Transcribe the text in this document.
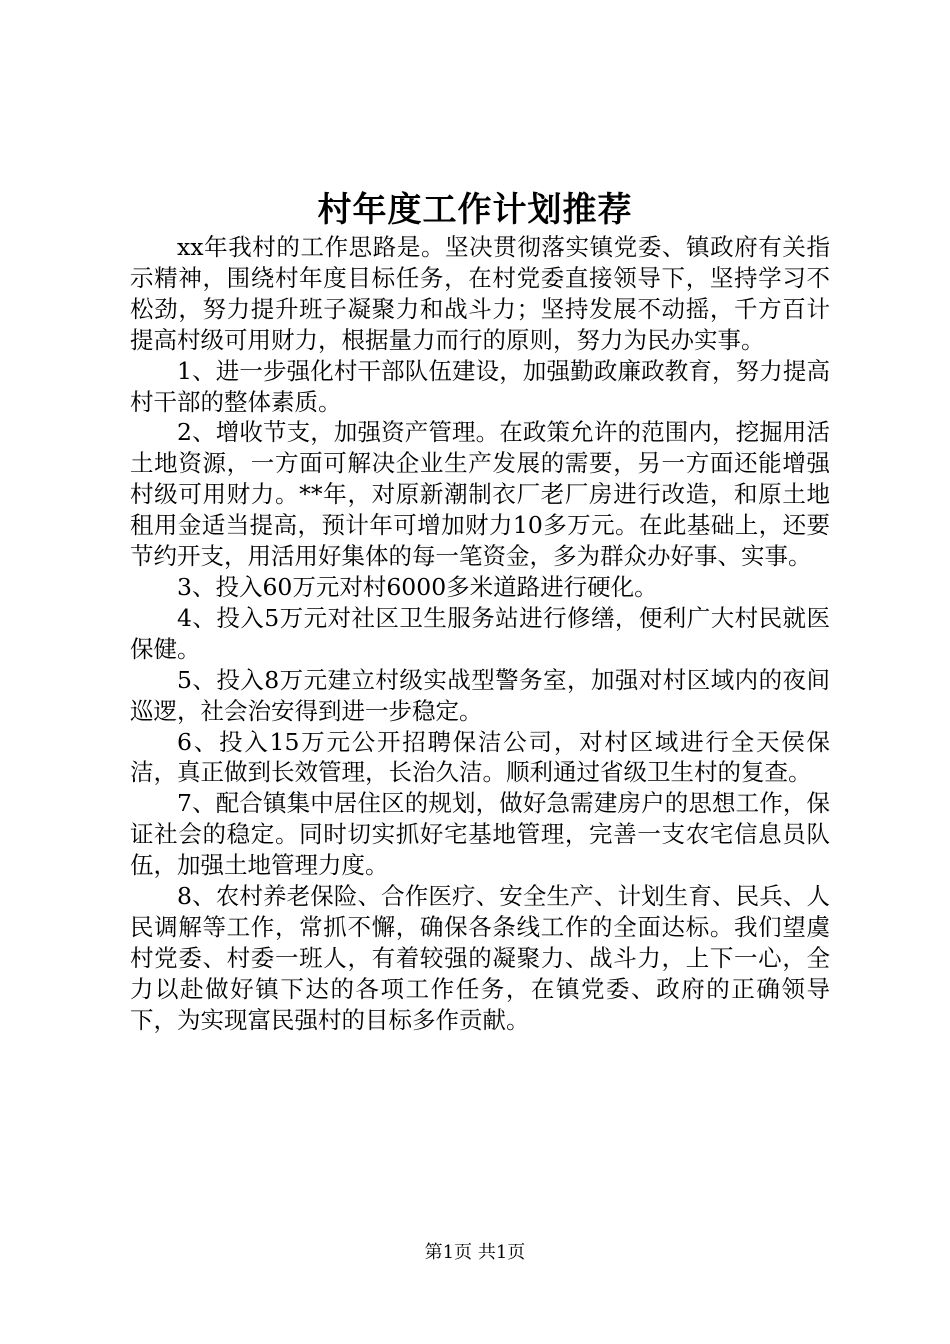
村年度工作计划推荐

xx年我村的工作思路是。坚决贯彻落实镇党委、镇政府有关指示精神，围绕村年度目标任务，在村党委直接领导下，坚持学习不松劲，努力提升班子凝聚力和战斗力；坚持发展不动摇，千方百计提高村级可用财力，根据量力而行的原则，努力为民办实事。

1、进一步强化村干部队伍建设，加强勤政廉政教育，努力提高村干部的整体素质。

2、增收节支，加强资产管理。在政策允许的范围内，挖掘用活土地资源，一方面可解决企业生产发展的需要，另一方面还能增强村级可用财力。**年，对原新潮制衣厂老厂房进行改造，和原土地租用金适当提高，预计年可增加财力10多万元。在此基础上，还要节约开支，用活用好集体的每一笔资金，多为群众办好事、实事。

3、投入60万元对村6000多米道路进行硬化。

4、投入5万元对社区卫生服务站进行修缮，便利广大村民就医保健。

5、投入8万元建立村级实战型警务室，加强对村区域内的夜间巡逻，社会治安得到进一步稳定。

6、投入15万元公开招聘保洁公司，对村区域进行全天侯保洁，真正做到长效管理，长治久洁。顺利通过省级卫生村的复查。

7、配合镇集中居住区的规划，做好急需建房户的思想工作，保证社会的稳定。同时切实抓好宅基地管理，完善一支农宅信息员队伍，加强土地管理力度。

8、农村养老保险、合作医疗、安全生产、计划生育、民兵、人民调解等工作，常抓不懈，确保各条线工作的全面达标。我们望虞村党委、村委一班人，有着较强的凝聚力、战斗力，上下一心，全力以赴做好镇下达的各项工作任务，在镇党委、政府的正确领导下，为实现富民强村的目标多作贡献。

第1页 共1页
